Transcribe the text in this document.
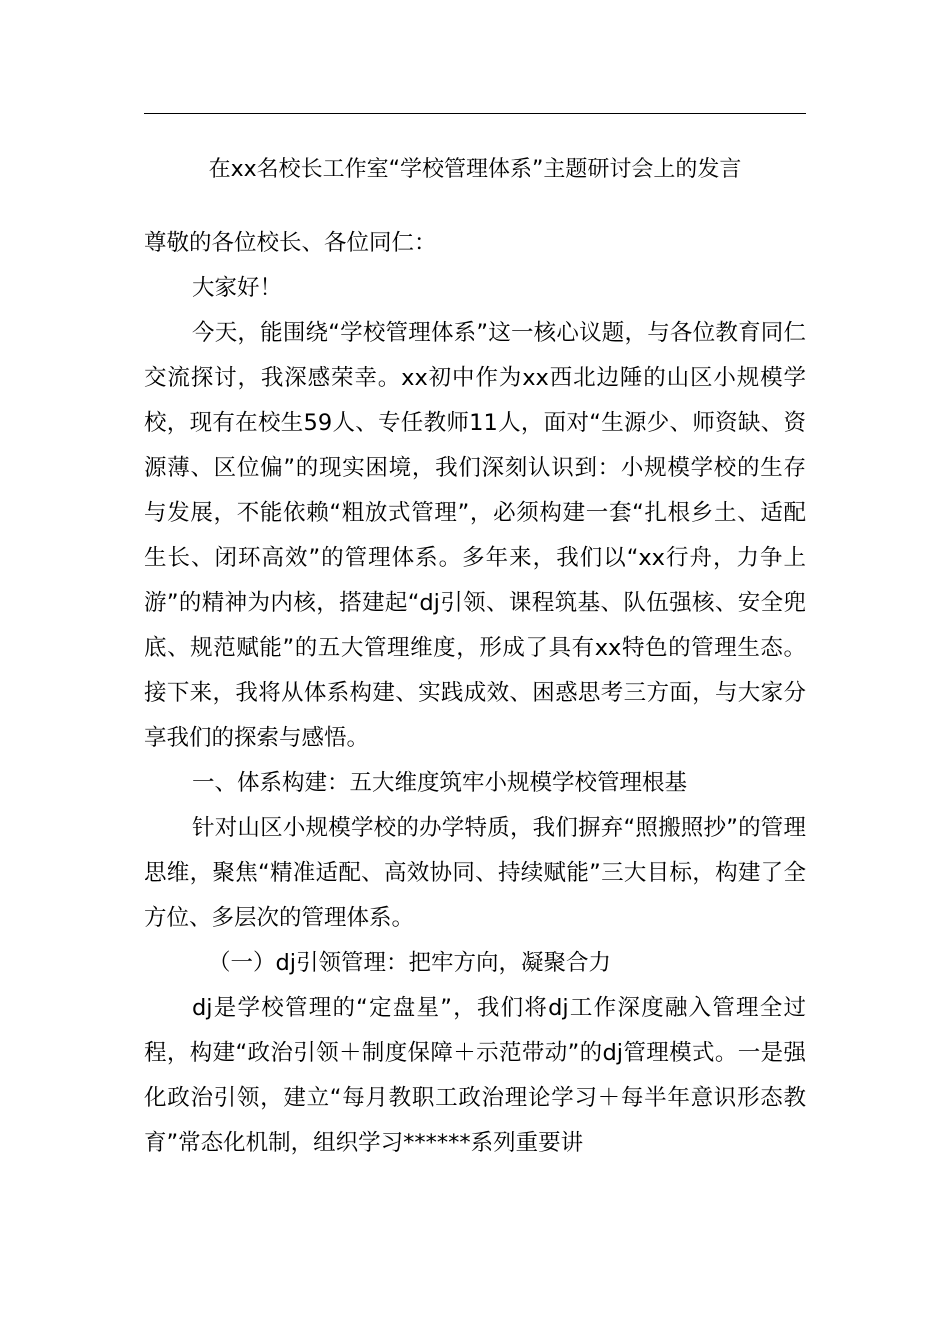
在xx名校长工作室“学校管理体系”主题研讨会上的发言

尊敬的各位校长、各位同仁：

大家好！

今天，能围绕“学校管理体系”这一核心议题，与各位教育同仁交流探讨，我深感荣幸。xx初中作为xx西北边陲的山区小规模学校，现有在校生59人、专任教师11人，面对“生源少、师资缺、资源薄、区位偏”的现实困境，我们深刻认识到：小规模学校的生存与发展，不能依赖“粗放式管理”，必须构建一套“扎根乡土、适配生长、闭环高效”的管理体系。多年来，我们以“xx行舟，力争上游”的精神为内核，搭建起“dj引领、课程筑基、队伍强核、安全兜底、规范赋能”的五大管理维度，形成了具有xx特色的管理生态。接下来，我将从体系构建、实践成效、困惑思考三方面，与大家分享我们的探索与感悟。

一、体系构建：五大维度筑牢小规模学校管理根基

针对山区小规模学校的办学特质，我们摒弃“照搬照抄”的管理思维，聚焦“精准适配、高效协同、持续赋能”三大目标，构建了全方位、多层次的管理体系。

（一）dj引领管理：把牢方向，凝聚合力

dj是学校管理的“定盘星”，我们将dj工作深度融入管理全过程，构建“政治引领＋制度保障＋示范带动”的dj管理模式。一是强化政治引领，建立“每月教职工政治理论学习＋每半年意识形态教育”常态化机制，组织学习******系列重要讲
